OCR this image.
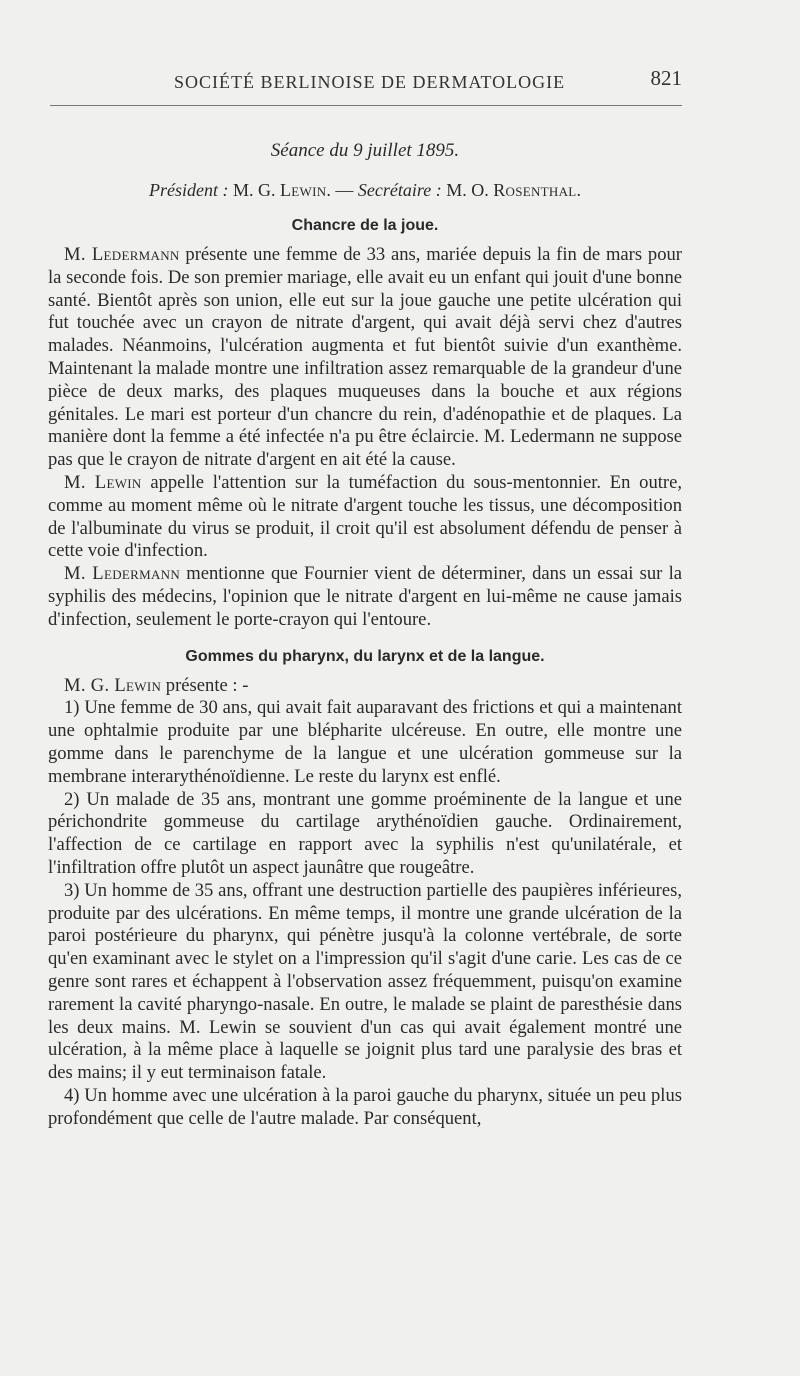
SOCIÉTÉ BERLINOISE DE DERMATOLOGIE	821
Séance du 9 juillet 1895.
Président : M. G. Lewin. — Secrétaire : M. O. Rosenthal.
Chancre de la joue.

M. Ledermann présente une femme de 33 ans, mariée depuis la fin de mars pour la seconde fois. De son premier mariage, elle avait eu un enfant qui jouit d'une bonne santé. Bientôt après son union, elle eut sur la joue gauche une petite ulcération qui fut touchée avec un crayon de nitrate d'argent, qui avait déjà servi chez d'autres malades. Néanmoins, l'ulcération augmenta et fut bientôt suivie d'un exanthème. Maintenant la malade montre une infiltration assez remarquable de la grandeur d'une pièce de deux marks, des plaques muqueuses dans la bouche et aux régions génitales. Le mari est porteur d'un chancre du rein, d'adénopathie et de plaques. La manière dont la femme a été infectée n'a pu être éclaircie. M. Ledermann ne suppose pas que le crayon de nitrate d'argent en ait été la cause.

M. Lewin appelle l'attention sur la tuméfaction du sous-mentonnier. En outre, comme au moment même où le nitrate d'argent touche les tissus, une décomposition de l'albuminate du virus se produit, il croit qu'il est absolument défendu de penser à cette voie d'infection.

M. Ledermann mentionne que Fournier vient de déterminer, dans un essai sur la syphilis des médecins, l'opinion que le nitrate d'argent en lui-même ne cause jamais d'infection, seulement le porte-crayon qui l'entoure.

Gommes du pharynx, du larynx et de la langue.

M. G. Lewin présente : -

1) Une femme de 30 ans, qui avait fait auparavant des frictions et qui a maintenant une ophtalmie produite par une blépharite ulcéreuse. En outre, elle montre une gomme dans le parenchyme de la langue et une ulcération gommeuse sur la membrane interarythénoïdienne. Le reste du larynx est enflé.

2) Un malade de 35 ans, montrant une gomme proéminente de la langue et une périchondrite gommeuse du cartilage arythénoïdien gauche. Ordinairement, l'affection de ce cartilage en rapport avec la syphilis n'est qu'unilatérale, et l'infiltration offre plutôt un aspect jaunâtre que rougeâtre.

3) Un homme de 35 ans, offrant une destruction partielle des paupières inférieures, produite par des ulcérations. En même temps, il montre une grande ulcération de la paroi postérieure du pharynx, qui pénètre jusqu'à la colonne vertébrale, de sorte qu'en examinant avec le stylet on a l'impression qu'il s'agit d'une carie. Les cas de ce genre sont rares et échappent à l'observation assez fréquemment, puisqu'on examine rarement la cavité pharyngo-nasale. En outre, le malade se plaint de paresthésie dans les deux mains. M. Lewin se souvient d'un cas qui avait également montré une ulcération, à la même place à laquelle se joignit plus tard une paralysie des bras et des mains; il y eut terminaison fatale.

4) Un homme avec une ulcération à la paroi gauche du pharynx, située un peu plus profondément que celle de l'autre malade. Par conséquent,
